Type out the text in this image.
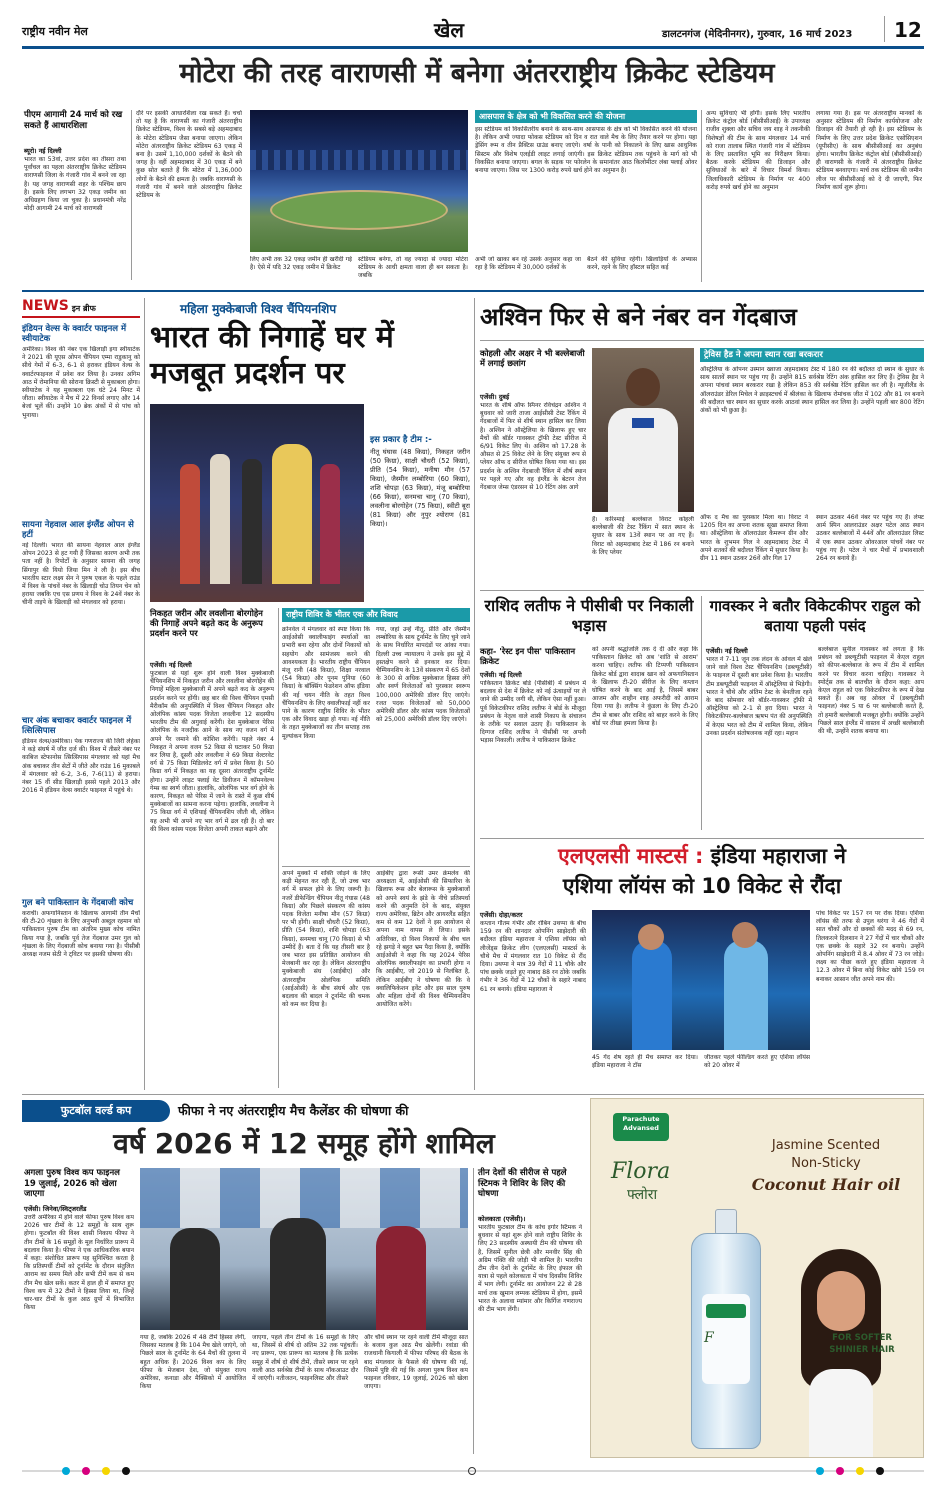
राष्ट्रीय नवीन मेल	खेल	डालटनगंज (मेदिनीनगर), गुरुवार, 16 मार्च 2023 12
मोटेरा की तरह वाराणसी में बनेगा अंतरराष्ट्रीय क्रिकेट स्टेडियम
पीएम आगामी 24 मार्च को रख सकते हैं आधारशिला
ब्यूरो। नई दिल्ली
भारत का 53वां, उत्तर प्रदेश का तीसरा तथा पूर्वांचल का पहला अंतरराष्ट्रीय क्रिकेट स्टेडियम वाराणसी जिला के गंजारी गांव में बनने जा रहा है। यह जगह वाराणसी शहर के पश्चिम छाप है। इसके लिए लगभग 32 एकड़ जमीन का अधिग्रहण किया जा चुका है। प्रधानमंत्री नरेंद्र मोदी आगामी 24 मार्च को वाराणसी
दौरे पर इसकी आधारशिला रख सकते हैं। चर्चा तो यह है कि वाराणसी का गंजारी अंतरराष्ट्रीय क्रिकेट स्टेडियम, विश्व के सबसे बड़े अहमदाबाद के मोटेरा स्टेडियम जैसा बनाया जाएगा। लेकिन मोटेरा अंतरराष्ट्रीय क्रिकेट स्टेडियम 63 एकड़ में बना है। उसमें 1,10,000 दर्शकों के बैठने की जगह है। वहीं अहमदाबाद में 30 एकड़ में बने कुछ सोत बताते हैं कि मोटेरा में 1,36,000 लोगों के बैठने की क्षमता है। जबकि वाराणसी के गंजारी गांव में बनने वाले अंतरराष्ट्रीय क्रिकेट स्टेडियम के
लिए अभी तक 32 एकड़ जमीन ही खरीदी गई है। ऐसे में यदि 32 एकड़ जमीन में क्रिकेट
स्टेडियम बनेगा, तो वह ज्यादा से ज्यादा मोटेरा स्टेडियम के आधी क्षमता वाला ही बन सकता है। जबकि
आसपास के क्षेत्र को भी विकसित करने की योजना
इस स्टेडियम को विकसितरीय बनाने के साथ-साथ आसपास के क्षेत्र को भी विकसित करने की योजना है। लेकिन अभी ज्यादा फोकस स्टेडियम को दिन व रात वाले मैच के लिए तैयार करने पर होगा। यहा ड्रेसिंग रूम व तीन प्रैक्टिस ग्राउंड बनाए जाएंगे। वर्षा के पानी को निकालने के लिए खास आधुनिक सिस्टम और विशेष एलईडी लाइट लगाई जाएंगी। इस क्रिकेट स्टेडियम तक पहुंचने के मार्ग को भी विकसित बनाया जाएगा। बगल के सड़क पर फोरलेन के समानांतर आठ किलोमीटर लंबा फ्लाई ओवर बनाया जाएगा। जिस पर 1300 करोड़ रुपये खर्च होने का अनुमान है।
अभी जो खाका बन रहे उसके अनुसार कहा जा रहा है कि स्टेडियम में 30,000 दर्शकों के
बैठने की सुविधा रहेगी। खिलाड़ियों के अभ्यास करने, रहने के लिए हॉस्टल सहित कई
अन्य सुविधाएं भी होंगी। इसके लिए भारतीय क्रिकेट कंट्रोल बोर्ड (बीसीसीआई) के उपाध्यक्ष राजीव शुक्ला और सचिव जय शाह ने तकनीकी विशेषज्ञों की टीम के साथ मंगलवार 14 मार्च को राजा तालाब स्थित गंजारी गांव में स्टेडियम के लिए प्रस्तावित भूमि का निरीक्षण किया। बैठक करके स्टेडियम की डिजाइन और सुविधाओं के बारे में विचार विमर्श किया। जिलाधिकारी स्टेडियम के निर्माण पर 400 करोड़ रुपये खर्च होने का अनुमान
लगाया गया है। इस पर अंतरराष्ट्रीय मानकों के अनुसार स्टेडियम की निर्माण कार्ययोजना और डिजाइन की तैयारी हो रही है। इस स्टेडियम के निर्माण के लिए उत्तर प्रदेश क्रिकेट एसोसिएशन (यूपीसीए) के साथ बीसीसीआई का अनुबंध होगा। भारतीय क्रिकेट कंट्रोल बोर्ड (बीसीसीआई) ही वाराणसी के गंजारी में अंतरराष्ट्रीय क्रिकेट स्टेडियम बनवाएगा। मार्च तक स्टेडियम की जमीन लीज पर बीसीसीआई को दे दी जाएगी, फिर निर्माण कार्य शुरू होगा।
NEWS इन ब्रीफ
इंडियन वेल्स के क्वार्टर फाइनल में स्वीयाटेक
अमेरिका। विश्व की नंबर एक खिलाड़ी इगा स्वीयाटेक ने 2021 की यूएस ओपन चैंपियन एम्मा राडुकानु को सीधे गेमों में 6-3, 6-1 से हराकर इंडियन वेल्स के क्वार्टरफाइनल में प्रवेश कर लिया है। उनका अगिम आठ में रोमानिया की सोराना क्रिस्टी से मुकाबला होगा। स्वीयाटेक ने यह मुकाबला एक घंटे 24 मिनट में जीता। स्वीयाटेक ने मैच में 22 विनर्स लगाए और 14 बेजां भूलें कीं। उन्होंने 10 ब्रेक अंकों में से पांच को भुनाया।
सायना नेहवाल आल इंग्लैंड ओपन से हटीं
नई दिल्ली। भारत की सायना नेहवाल आल इंग्लैंड ओपन 2023 से हट गयी हैं जिसका कारण अभी तक पता नहीं है। रिपोर्टों के अनुसार सायना की जगह सिंगापुर की यियो जिया मिन ने ली है। इस बीच भारतीय स्टार लक्ष्य सेन ने पुरुष एकल के पहले राउंड में विश्व के पांचवें नंबर के खिलाड़ी चोउ तियन चेन को हराया जबकि एच एस प्रणय ने विश्व के 24वें नंबर के चीनी ताइपे के खिलाड़ी को मंगलवार को हराया।
चार अंक बचाकर क्वार्टर फाइनल में त्सित्सिपास
इंडियन वेल्स/अमेरिका। पेक गणराज्य की जिरी लेहेका ने कड़े संघर्ष में जीत दर्ज की। विश्व में तीसरे नंबर पर काबिज स्टेफानोस त्सित्सिपास मंगलवार को यहां मैच अंक बचाकर तीन सेटों में जीते और राउंड 16 मुकाबले में मंगलवार को 6-2, 3-6, 7-6(11) से हराया। नंबर 15 वीं सीड खिलाड़ी इससे पहले 2013 और 2016 में इंडियन वेल्स क्वार्टर फाइनल में पहुंचे थे।
गुल बने पाकिस्तान के गेंदबाजी कोच
कराची। अफगानिस्तान के खिलाफ आगामी तीन मैचों की टी-20 शृंखला के लिए अनुभवी अब्दुल रहमान को पाकिस्तान पुरुष टीम का अंतरिम मुख्य कोच नामित किया गया है, जबकि पूर्व तेज गेंदबाज उमर गुल को शृंखला के लिए गेंदबाजी कोच बनाया गया है। पीसीबी अध्यक्ष नजम सेठी ने ट्विटर पर इसकी घोषणा की।
महिला मुक्केबाजी विश्व चैंपियनशिप
भारत की निगाहें घर में मजबूत प्रदर्शन पर
इस प्रकार है टीम :-
नीतू घंघास (48 किग्रा), निकहत जरीन (50 किग्रा), साक्षी चौधरी (52 किग्रा), प्रीति (54 किग्रा), मनीषा मौन (57 किग्रा), जैस्मीन लम्बोरिया (60 किग्रा), शशि चोपड़ा (63 किग्रा), मंजू बम्बोरिया (66 किग्रा), सनमचा चानू (70 किग्रा), लवलीना बोरगोहेन (75 किग्रा), स्वीटी बूरा (81 किग्रा) और नुपुर श्योराण (81 किग्रा)।
निकहत जरीन और लवलीना बोरगोहेन की निगाहें अपने बढ़ते कद के अनुरूप प्रदर्शन करने पर
एजेंसी। नई दिल्ली
फुटबाल से यहां शुरू होने वाली विश्व मुक्केबाजी चैंपियनशिप में निकहत जरीन और लवलीना बोरगोहेन की निगाहें महिला मुक्केबाजी में अपने बढ़ते कद के अनुरूप प्रदर्शन करने पर होंगी। छह बार की विश्व चैंपियन एमसी मैरीकॉम की अनुपस्थिति में विश्व चैंपियन निकहत और ओलंपिक कांस्य पदक विजेता लवलीना 12 सदस्यीय भारतीय टीम की अगुवाई करेंगी। देश मुक्केबाज पेरिस ओलंपिक के नजदीक आने के साथ नए वजन वर्ग में अपने पैर जमाने की कोशिश करेंगी। पहले नंबर 4 निकहत ने अपना वजन 52 किग्रा से घटाकर 50 किग्रा कर लिया है, दूसरी ओर लवलीना ने 69 किग्रा वेल्टरवेट वर्ग से 75 किग्रा मिडिलवेट वर्ग में प्रवेश किया है। 50 किग्रा वर्ग में निकहत का यह दूसरा अंतरराष्ट्रीय टूर्नामेंट होगा। उन्होंने लाइट फ्लाई वेट डिवीजन में कॉमनवेल्थ गेम्स का स्वर्ण जीता। हालांकि, ओलंपिक भार वर्ग होने के कारण, निकहत को पेरिस में जाने के रास्ते में कुछ शीर्ष मुक्केबाजों का सामना करना पड़ेगा। हालांकि, लवलीना ने 75 किग्रा वर्ग में एशियाई चैंपियनशिप जीती थी, लेकिन यह अभी भी अपने नए भार वर्ग में ढल रही हैं। दो बार की विश्व कांस्य पदक विजेता अपनी ताकत बढ़ाने और
राष्ट्रीय शिविर के भीतर एक और विवाद
क्रोनवेल ने मंगलवार को स्पष्ट किया कि आईओसी क्वालीफाइंग स्पर्धाओं का प्रभारी बना रहेगा और दोनों निकायों को सहयोग और सामंजस्य करने की आवश्यकता है। भारतीय राष्ट्रीय चैंपियन मंजू रानी (48 किग्रा), शिक्षा नरवाल (54 किग्रा) और पूनम पूनिया (60 किग्रा) के बॉक्सिंग फेडरेशन ऑफ इंडिया की नई चयन नीति के तहत विश्व चैंपियनशिप के लिए क्वालीफाई नहीं कर पाने के कारण राष्ट्रीय शिविर के भीतर एक और विवाद खड़ा हो गया। नई नीति के तहत मुक्केबाजों का तीन सप्ताह तक मूल्यांकन किया
गया, जहां उन्हें नीतू, प्रीति और जैस्मीन लम्बोरिया के साथ टूर्नामेंट के लिए चुने जाने के साथ निर्धारित मापदंडों पर आंका गया। दिल्ली उच्च न्यायालय ने उनके इस मुद्दे में हस्तक्षेप करने से इनकार कर दिया। चैम्पियनशिप के 13वें संस्करण में 65 देशों के 300 से अधिक मुक्केबाज हिस्सा लेंगे और स्वर्ण विजेताओं को पुरस्कार स्वरूप 100,000 अमेरिकी डॉलर दिए जाएंगे। रजत पदक विजेताओं को 50,000 अमेरिकी डॉलर और कांस्य पदक विजेताओं को 25,000 अमेरिकी डॉलर दिए जाएंगे।
अपने मुक्कों में शक्ति जोड़ने के लिए कड़ी मेहनत कर रही हैं, जो उच्च भार वर्ग में सफल होने के लिए जरूरी है। नजरें डीफेन्डिंग चैंपियन नीतू गंघास (48 किग्रा) और पिछले संस्करण की कांस्य पदक विजेता मनीषा मौन (57 किग्रा) पर भी होंगी। साक्षी चौधरी (52 किग्रा), प्रीति (54 किग्रा), शशि चोपड़ा (63 किग्रा), सनमचा चानू (70 किग्रा) से भी उम्मीदें हैं। बता दें कि यह तीसरी बार है जब भारत इस प्रतिष्ठित आयोजन की मेजबानी कर रहा है। लेकिन अंतरराष्ट्रीय मुक्केबाजी संघ (आईबीए) और अंतरराष्ट्रीय ओलंपिक समिति (आईओसी) के बीच संघर्ष और एक बदलाव की बादल ने टूर्नामेंट की चमक को कम कर दिया है।
आईबीए द्वारा रूसी उमर क्रेमलेव की अध्यक्षता में, आईओसी की सिफारिश के खिलाफ रूस और बेलारूस के मुक्केबाजों को अपने स्वयं के झंडे के नीचे प्रतिस्पर्धा करने की अनुमति देने के बाद, संयुक्त राज्य अमेरिका, ब्रिटेन और आयरलैंड सहित कम से कम 12 देशों ने इस आयोजन से अपना नाम वापस ले लिया। इसके अतिरिक्त, दो विश्व निकायों के बीच चल रहे झगड़े ने बहुत भ्रम पैदा किया है, क्योंकि आईओसी ने कहा कि यह 2024 पेरिस ओलंपिक क्वालीफाइंग का प्रभारी होगा न कि आईबीए, जो 2019 से निलंबित है, लेकिन आईबीए ने घोषणा की कि वे क्वालिफिकेशन इवेंट और इस साल पुरुष और महिला दोनों की विश्व चैम्पियनशिप आयोजित करेंगे।
अश्विन फिर से बने नंबर वन गेंदबाज
कोहली और अक्षर ने भी बल्लेबाजी में लगाई छलांग
एजेंसी। दुबई
भारत के शीर्ष ऑफ स्पिनर रविचंद्रन अश्विन ने बुधवार को जारी ताजा आईसीसी टेस्ट रैंकिंग में गेंदबाजों में फिर से शीर्ष स्थान हासिल कर लिया है। अश्विन ने ऑस्ट्रेलिया के खिलाफ हुए चार मैचों की बॉर्डर गावस्कर ट्रॉफी टेस्ट सीरीज में 6/91 विकेट लिए थे। अश्विन को 17.28 के औसत से 25 विकेट लेने के लिए संयुक्त रूप से प्लेयर ऑफ द सीरीज घोषित किया गया था। इस प्रदर्शन के अश्विन गेंदबाजी रैंकिंग में शीर्ष स्थान पर पहले गए और वह इंग्लैंड के बेटरन तेज गेंदबाज जेम्स एंडरसन से 10 रेटिंग अंक आगे
हैं। करिश्माई बल्लेबाज विराट कोहली बल्लेबाजी की टेस्ट रैंकिंग में सात स्थान के सुधार के साथ 13वें स्थान पर आ गए हैं। विराट को अहमदाबाद टेस्ट में 186 रन बनाने के लिए प्लेयर
ट्रेविस हैड ने अपना स्थान रखा बरकरार
ऑस्ट्रेलिया के ओपनर उस्मान ख्वाजा अहमदाबाद टेस्ट में 180 रन की बदौलत दो स्थान के सुधार के साथ सातवें स्थान पर पहुंच गए हैं। उन्होंने 815 सर्वश्रेष्ठ रेटिंग अंक हासिल कर लिए हैं। ट्रेविस हैड ने अपना पांचवां स्थान बरकरार रखा है लेकिन 853 की सर्वश्रेष्ठ रेटिंग हासिल कर ली है। न्यूजीलैंड के ऑलराउंडर डेरिल मिचेल ने क्राइस्टचर्च में श्रीलंका के खिलाफ रोमांचक जीत में 102 और 81 रन बनाने की बदौलत चार स्थान का सुधार करके आठवां स्थान हासिल कर लिया है। उन्होंने पहली बार 800 रेटिंग अंकों को भी छुआ है।
ऑफ द मैच का पुरस्कार मिला था। विराट ने 1205 दिन का अपना शतक सूखा समाप्त किया था। ऑस्ट्रेलिया के ऑलराउंडर कैमरून ग्रीन और भारत के शुभमन गिल ने अहमदाबाद टेस्ट में अपने शतकों की बदौलत रैंकिंग में सुधार किया है। ग्रीन 11 स्थान उठकर 26वें और गिल 17
स्थान उठकर 46वें नंबर पर पहुंच गए हैं। लेफ्ट आर्म स्पिन आलराउंडर अक्षर पटेल आठ स्थान उठकर बल्लेबाजों में 44वें और ऑलराउंडर लिस्ट में एक स्थान उठकर ओवरआल पांचवें नंबर पर पहुंच गए हैं। पटेल ने चार मैचों में प्रभावशाली 264 रन बनाये हैं।
राशिद लतीफ ने पीसीबी पर निकाली भड़ास
कहा- 'रेस्ट इन पीस' पाकिस्तान क्रिकेट
एजेंसी। नई दिल्ली
पाकिस्तान क्रिकेट बोर्ड (पीसीबी) में प्रबंधन में बदलाव से देश में क्रिकेट को नई ऊंचाइयों पर ले जाने की उम्मीद जगी थी, लेकिन ऐसा नहीं हुआ। पूर्व विकेटकीपर राशिद लतीफ ने बोर्ड के मौजूदा प्रबंधन के नेतृत्व वाले शासी निकाय के संचालन के तरीके पर सवाल उठाए हैं। पाकिस्तान के दिग्गज राशिद लतीफ ने पीसीबी पर अपनी भड़ास निकाली। लतीफ ने पाकिस्तान क्रिकेट
को अपनी श्रद्धांजलि तक दे दी और कहा कि पाकिस्तान क्रिकेट को अब 'शांति से आराम' करना चाहिए। लतीफ की टिप्पणी पाकिस्तान क्रिकेट बोर्ड द्वारा शादाब खान को अफगानिस्तान के खिलाफ टी-20 सीरीज के लिए कप्तान घोषित करने के बाद आई है, जिसमें बाबर आजम और शाहीन शाह अफरीदी को आराम दिया गया है। लतीफ ने कुंडला के लिए टी-20 टीम से बाबर और राशिद को बाहर करने के लिए बोर्ड पर तीखा हमला किया है।
गावस्कर ने बतौर विकेटकीपर राहुल को बताया पहली पसंद
एजेंसी। नई दिल्ली
भारत ने 7-11 जून तक लंदन के ओवल में खेले जाने वाले विश्व टेस्ट चैंपियनशिप (डब्ल्यूटीसी) के फाइनल में दूसरी बार प्रवेश किया है। भारतीय टीम डब्ल्यूटीसी फाइनल में ऑस्ट्रेलिया से भिड़ेगी। भारत ने चौथे और अंतिम टेस्ट के बेनतीजा रहने के बाद सोमवार को बॉर्डर-गावस्कर ट्रॉफी में ऑस्ट्रेलिया को 2-1 से हरा दिया। भारत ने विकेटकीपर-बल्लेबाज ऋषभ पंत की अनुपस्थिति में केएस भरत को टीम में शामिल किया, लेकिन उनका प्रदर्शन संतोषजनक नहीं रहा। महान
बल्लेबाज सुनील गावस्कर को लगता है कि प्रबंधन को डब्ल्यूटीसी फाइनल में केएल राहुल को कीपर-बल्लेबाज के रूप में टीम में शामिल करने पर विचार करना चाहिए। गावस्कर ने स्पोर्ट्स तक से बातचीत के दौरान कहा: आप केएल राहुल को एक विकेटकीपर के रूप में देख सकते हैं। अब वह ओवल में (डब्ल्यूटीसी फाइनल) नंबर 5 या 6 पर बल्लेबाजी करते हैं, तो हमारी बल्लेबाजी मजबूत होगी। क्योंकि उन्होंने पिछले साल इंग्लैंड में वास्तव में अच्छी बल्लेबाजी की थी, उन्होंने शतक बनाया था।
एलएलसी मास्टर्स : इंडिया महाराजा ने
एशिया लॉयंस को 10 विकेट से रौंदा
एजेंसी। दोहा/कतर
कप्तान गौतम गंभीर और रोबिन उथप्पा के बीच 159 रन की शानदार ओपनिंग साझेदारी की बदौलत इंडिया महाराजा ने एशिया लॉयंस को लीजेंड्स क्रिकेट लीग (एलएलसी) मास्टर्स के चौथे मैच में मंगलवार रात 10 विकेट से रौंद दिया। उथप्पा ने मात्र 39 गेंदों में 11 चौके और पांच छक्के जड़ते हुए नाबाद 88 रन ठोके जबकि गंभीर ने 36 गेंदों में 12 चौकों के सहारे नाबाद 61 रन बनाये। इंडिया महाराजा ने
45 गेंद शेष रहते ही मैच समाप्त कर दिया। इंडिया महाराजा ने टॉस
जीतकर पहले फील्डिंग करते हुए एशिया लॉयंस को 20 ओवर में
पांच विकेट पर 157 रन पर रोक दिया। एशिया लॉयंस की तरफ से उपुल थरंगा ने 46 गेंदों में सात चौकों और दो छक्कों की मदद से 69 रन, तिलकरत्ने दिलशान ने 27 गेंदों में चार चौकों और एक छक्के के सहारे 32 रन बनाये। उन्होंने ओपनिंग साझेदारी में 8.4 ओवर में 73 रन जोड़े। लक्ष्य का पीछा करते हुए इंडिया महाराजा ने 12.3 ओवर में बिना कोई विकेट खोये 159 रन बनाकर आसान जीत अपने नाम की।
फुटबॉल वर्ल्ड कप	फीफा ने नए अंतरराष्ट्रीय मैच कैलेंडर की घोषणा की
वर्ष 2026 में 12 समूह होंगे शामिल
अगला पुरुष विश्व कप फाइनल 19 जुलाई, 2026 को खेला जाएगा
एजेंसी। जिनेवा/स्विट्जरलैंड
उत्तरी अमेरिका में होने वाले फीफा पुरुष विश्व कप 2026 चार टीमों के 12 समूहों के साथ शुरू होगा। फुटबॉल की विश्व शासी निकाय फीफा ने तीन टीमों के 16 समूहों के मूल निर्धारित प्रारूप में बदलाव किया है। फीफा ने एक आधिकारिक बयान में कहा: संशोधित प्रारूप यह सुनिश्चित करता है कि प्रतिस्पर्धी टीमों को टूर्नामेंट के दौरान संतुलित आराम का समय मिले और सभी टीमें कम से कम तीन मैच खेल सकें। कतर में हाल ही में समाप्त हुए विश्व कप में 32 टीमों ने हिस्सा लिया था, जिन्हें चार-चार टीमों के कुल आठ ग्रुपों में विभाजित किया
गया है, जबकि 2026 में 48 टीमें हिस्सा लेंगी, जिसका मतलब है कि 104 मैच खेले जाएंगे, जो पिछले साल के टूर्नामेंट के 64 मैचों की तुलना में बहुत अधिक हैं। 2026 विश्व कप के लिए फीफा के मेजबान देश, जो संयुक्त राज्य अमेरिका, कनाडा और मैक्सिको में आयोजित किया
जाएगा, पहले तीन टीमों के 16 समूहों के लिए था, जिसमें से शीर्ष दो अंतिम 32 तक पहुंचतीं। नए प्रारूप, एक प्रारूप का मतलब है कि प्रत्येक समूह में शीर्ष दो शीर्ष टीमें, तीसरे स्थान पर रहने वाली आठ सर्वश्रेष्ठ टीमों के साथ नॉकआउट दौर में जाएंगी। नतीजतन, फाइनलिस्ट और तीसरे
और चौथे स्थान पर रहने वाली टीमें मौजूदा सात के बजाय कुल आठ मैच खेलेंगी। रवांडा की राजधानी किगाली में फीफा परिषद की बैठक के बाद मंगलवार के फैसले की घोषणा की गई, जिसमें पुष्टि की गई कि अगला पुरुष विश्व कप फाइनल रविवार, 19 जुलाई, 2026 को खेला जाएगा।
तीन देशों की सीरीज से पहले स्टिमक ने शिविर के लिए की घोषणा
कोलकाता (एजेंसी)।
भारतीय फुटबाल टीम के कोच इगोर स्टिमक ने बुधवार से यहां शुरू होने वाले राष्ट्रीय शिविर के लिए 23 सदस्यीय अस्थायी टीम की घोषणा की है, जिसमें सुनील छेत्री और मनवीर सिंह की अग्रिम पंक्ति की जोड़ी भी शामिल है। भारतीय टीम तीन देशों के टूर्नामेंट के लिए इंफाल की यात्रा से पहले कोलकाता में पांच दिवसीय शिविर में भाग लेगी। टूर्नामेंट का आयोजन 22 से 28 मार्च तक खुमान लम्पक स्टेडियम में होगा, इसमें भारत के अलावा म्यांमार और किर्गिज गणराज्य की टीम भाग लेंगी।
Parachute Advansed
Flora
फ्लोरा
Jasmine Scented
Non-Sticky
Coconut Hair oil
F	FOR SOFTER
SHINIER HAIR
